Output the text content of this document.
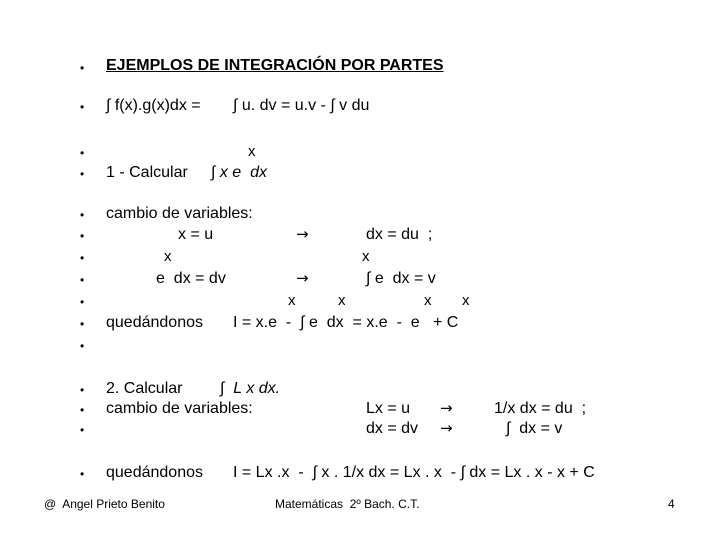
•
•
•
•
•
•
•
•
•
•
•
•
•
•
•
EJEMPLOS DE INTEGRACIÓN POR PARTES
∫ f(x).g(x)dx = ∫ u. dv = u.v - ∫ v du
x
1 - Calcular ∫ x e  dx
cambio de variables:
x = u	→	dx = du  ;
x	x
e  dx = dv	→	∫ e  dx = v
x	x	x x
quedándonos I = x.e  -  ∫ e  dx  = x.e  -  e   + C
2. Calcular ∫  L x dx.
cambio de variables:	Lx = u →	1/x dx = du  ;
dx = dv →	∫  dx = v
quedándonos I = Lx .x  -  ∫ x . 1/x dx = Lx . x  - ∫ dx = Lx . x - x + C
@  Angel Prieto Benito	Matemáticas  2º Bach. C.T.	4
